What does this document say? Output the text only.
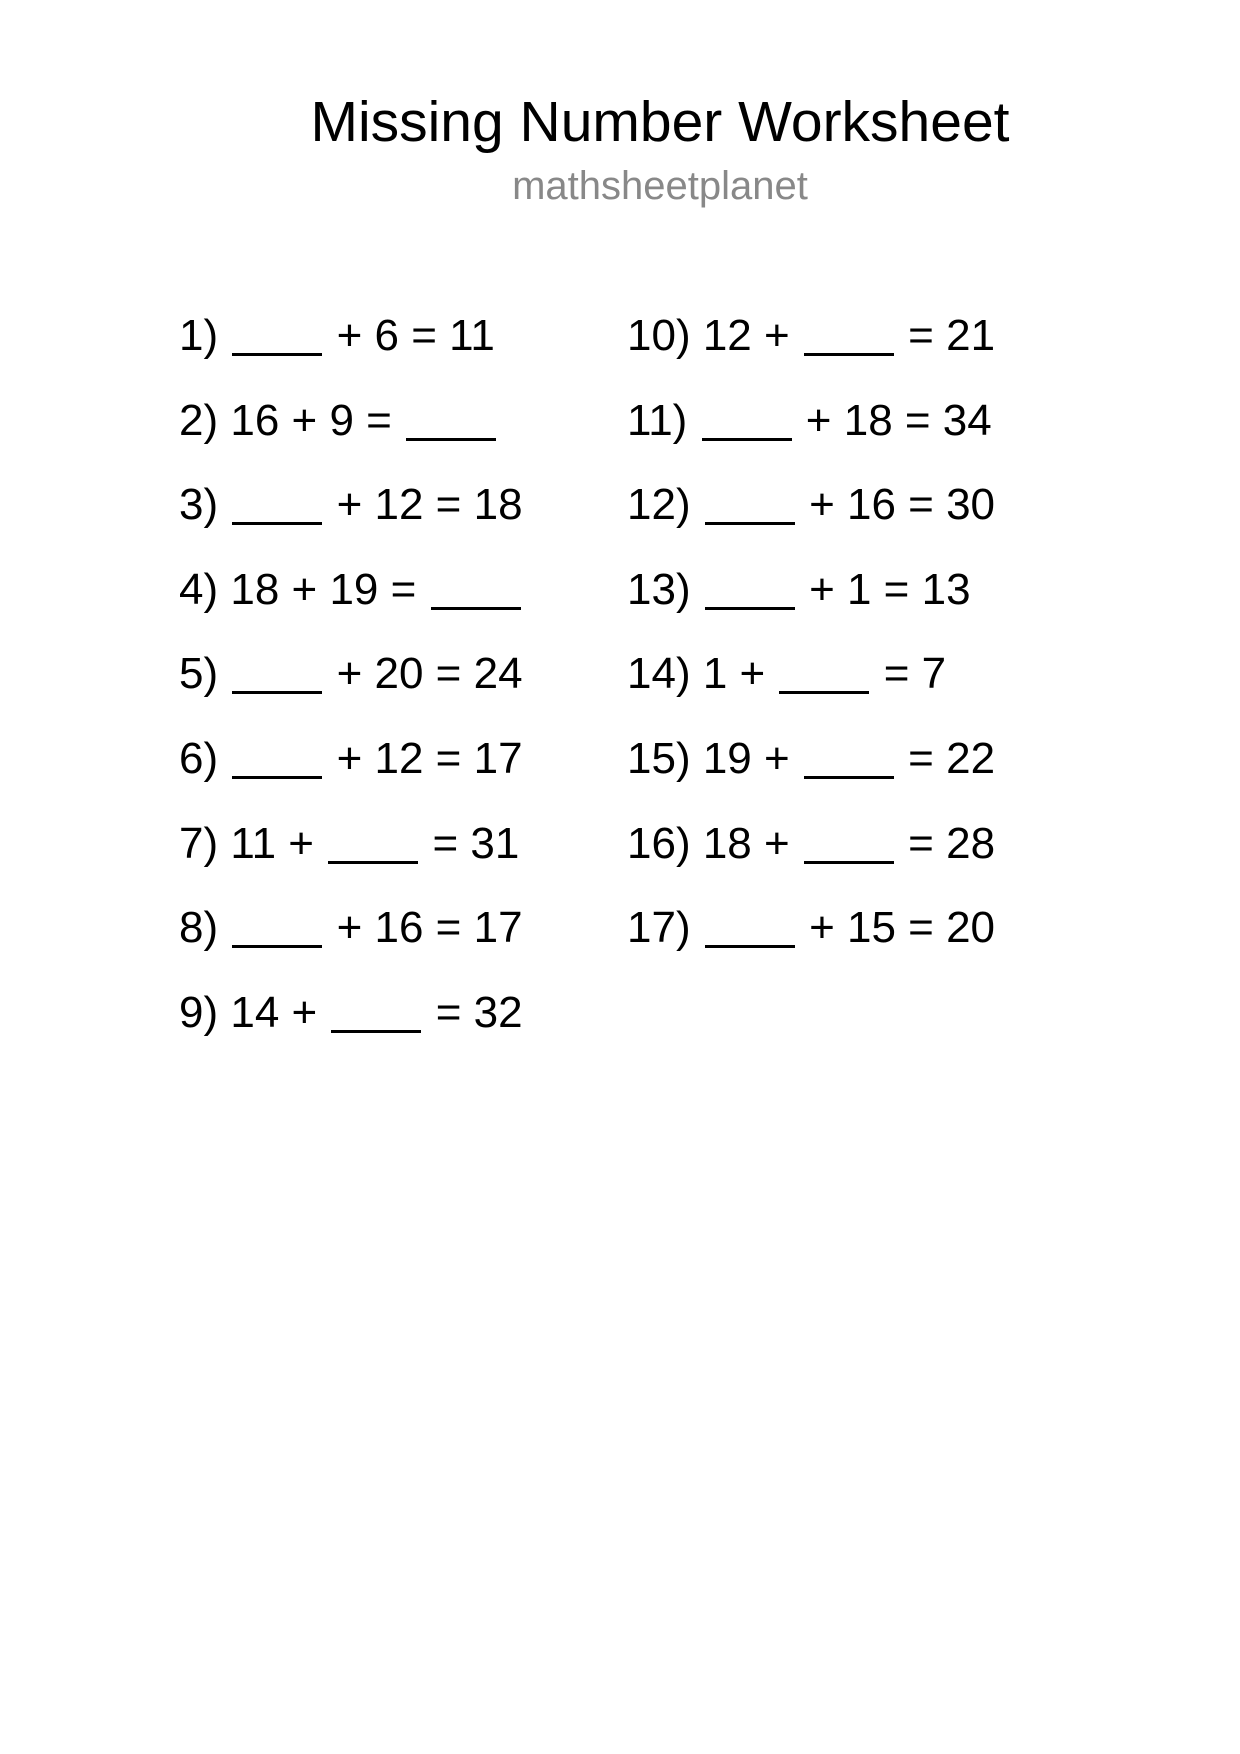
Missing Number Worksheet
mathsheetplanet
1)	+ 6 = 11
2) 16 + 9 =
3)	+ 12 = 18
4) 18 + 19 =
5)	+ 20 = 24
6)	+ 12 = 17
7) 11 +	= 31
8)	+ 16 = 17
9) 14 +	= 32
10) 12 +	= 21
11)	+ 18 = 34
12)	+ 16 = 30
13)	+ 1 = 13
14) 1 +	= 7
15) 19 +	= 22
16) 18 +	= 28
17)	+ 15 = 20
